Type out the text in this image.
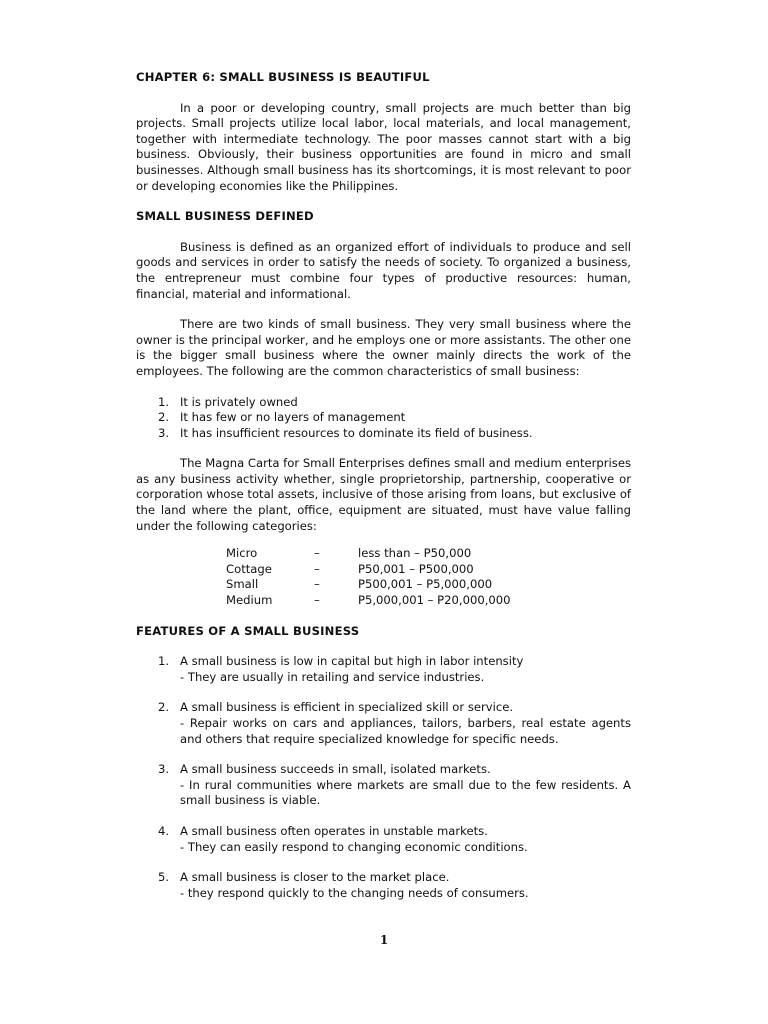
CHAPTER 6: SMALL BUSINESS IS BEAUTIFUL

In a poor or developing country, small projects are much better than big projects. Small projects utilize local labor, local materials, and local management, together with intermediate technology. The poor masses cannot start with a big business. Obviously, their business opportunities are found in micro and small businesses. Although small business has its shortcomings, it is most relevant to poor or developing economies like the Philippines.

SMALL BUSINESS DEFINED

Business is defined as an organized effort of individuals to produce and sell goods and services in order to satisfy the needs of society. To organized a business, the entrepreneur must combine four types of productive resources: human, financial, material and informational.

There are two kinds of small business. They very small business where the owner is the principal worker, and he employs one or more assistants. The other one is the bigger small business where the owner mainly directs the work of the employees. The following are the common characteristics of small business:

1. It is privately owned
2. It has few or no layers of management
3. It has insufficient resources to dominate its field of business.

The Magna Carta for Small Enterprises defines small and medium enterprises as any business activity whether, single proprietorship, partnership, cooperative or corporation whose total assets, inclusive of those arising from loans, but exclusive of the land where the plant, office, equipment are situated, must have value falling under the following categories:

Micro	–	less than – P50,000
Cottage	–	P50,001 – P500,000
Small	–	P500,001 – P5,000,000
Medium	–	P5,000,001 – P20,000,000

FEATURES OF A SMALL BUSINESS

1. A small business is low in capital but high in labor intensity
- They are usually in retailing and service industries.
2. A small business is efficient in specialized skill or service.
- Repair works on cars and appliances, tailors, barbers, real estate agents and others that require specialized knowledge for specific needs.
3. A small business succeeds in small, isolated markets.
- In rural communities where markets are small due to the few residents. A small business is viable.
4. A small business often operates in unstable markets.
- They can easily respond to changing economic conditions.
5. A small business is closer to the market place.
- they respond quickly to the changing needs of consumers.
1
